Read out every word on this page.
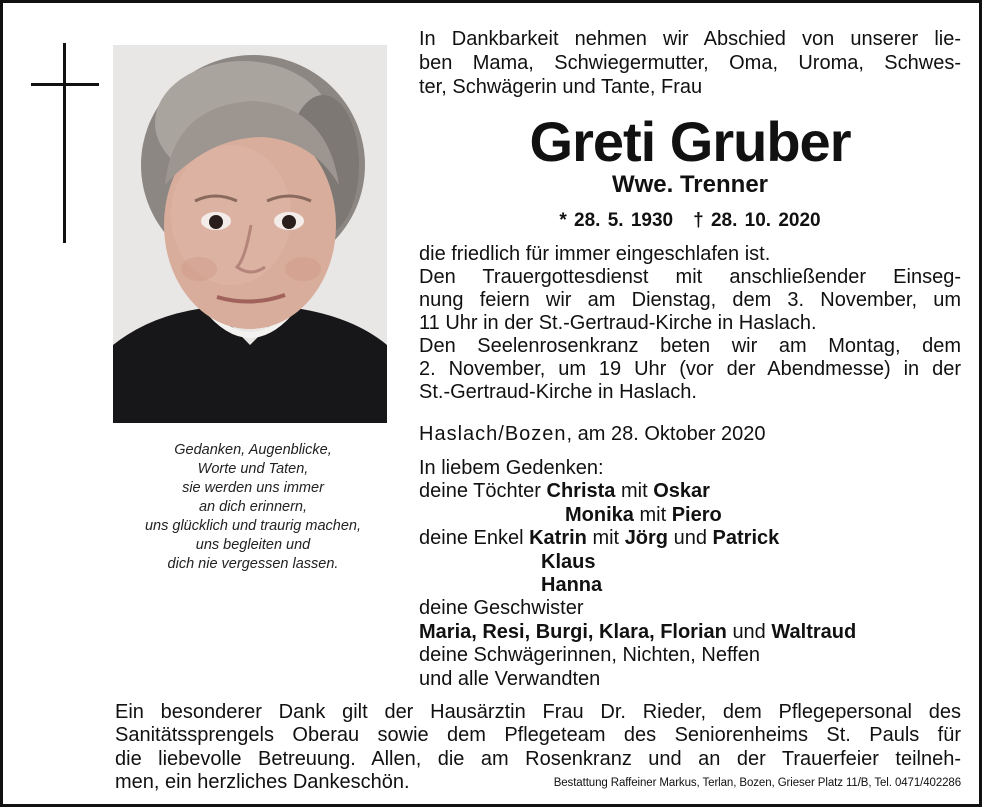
Gedanken, Augenblicke,
Worte und Taten,
sie werden uns immer
an dich erinnern,
uns glücklich und traurig machen,
uns begleiten und
dich nie vergessen lassen.
In Dankbarkeit nehmen wir Abschied von unserer lie-
ben Mama, Schwiegermutter, Oma, Uroma, Schwes-
ter, Schwägerin und Tante, Frau
Greti Gruber
Wwe. Trenner
* 28. 5. 1930 † 28. 10. 2020
die friedlich für immer eingeschlafen ist.
Den Trauergottesdienst mit anschließender Einseg-
nung feiern wir am Dienstag, dem 3. November, um
11 Uhr in der St.-Gertraud-Kirche in Haslach.
Den Seelenrosenkranz beten wir am Montag, dem
2. November, um 19 Uhr (vor der Abendmesse) in der
St.-Gertraud-Kirche in Haslach.
Haslach/Bozen, am 28. Oktober 2020
In liebem Gedenken:
deine Töchter Christa mit Oskar
Monika mit Piero
deine Enkel Katrin mit Jörg und Patrick
Klaus
Hanna
deine Geschwister
Maria, Resi, Burgi, Klara, Florian und Waltraud
deine Schwägerinnen, Nichten, Neffen
und alle Verwandten
Ein besonderer Dank gilt der Hausärztin Frau Dr. Rieder, dem Pflegepersonal des
Sanitätssprengels Oberau sowie dem Pflegeteam des Seniorenheims St. Pauls für
die liebevolle Betreuung. Allen, die am Rosenkranz und an der Trauerfeier teilneh-
men, ein herzliches Dankeschön.	Bestattung Raffeiner Markus, Terlan, Bozen, Grieser Platz 11/B, Tel. 0471/402286
